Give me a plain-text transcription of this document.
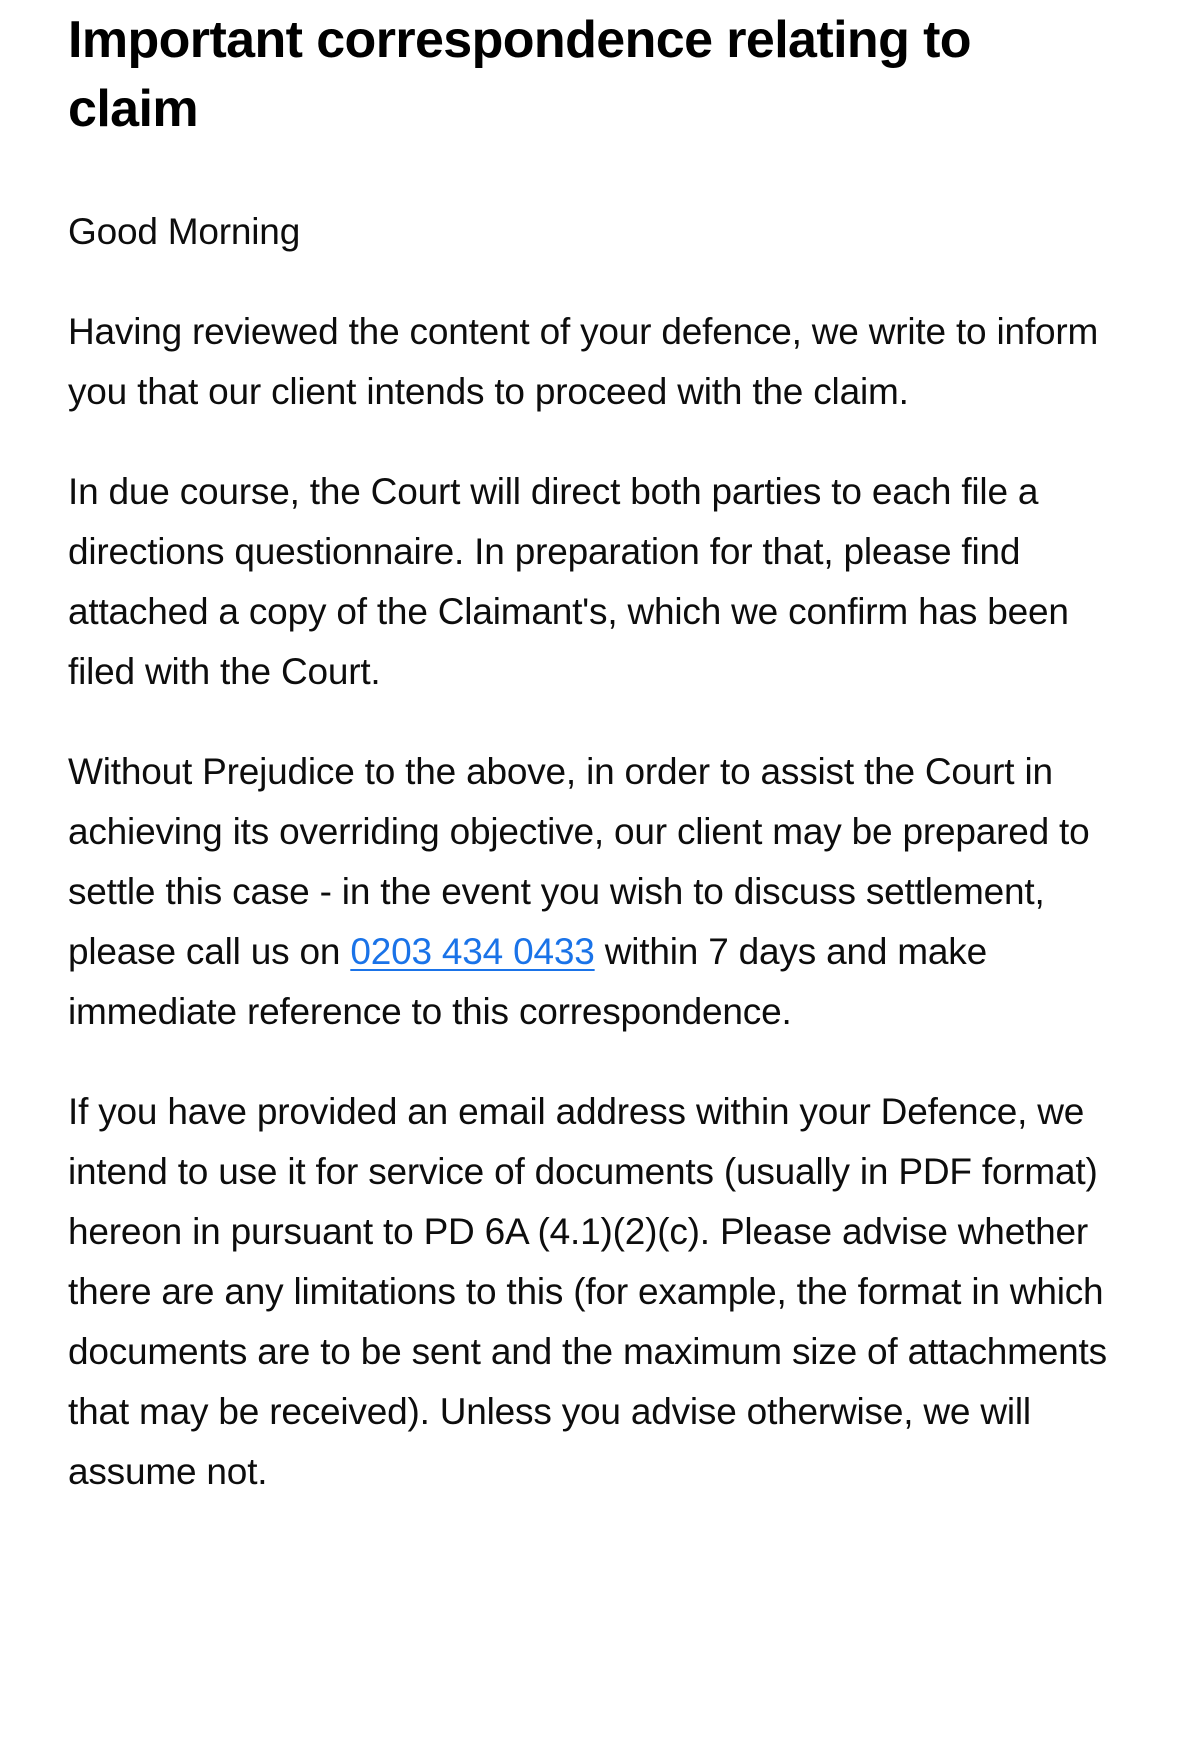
Important correspondence relating to claim

Good Morning

Having reviewed the content of your defence, we write to inform you that our client intends to proceed with the claim.

In due course, the Court will direct both parties to each file a directions questionnaire. In preparation for that, please find attached a copy of the Claimant's, which we confirm has been filed with the Court.

Without Prejudice to the above, in order to assist the Court in achieving its overriding objective, our client may be prepared to settle this case - in the event you wish to discuss settlement, please call us on 0203 434 0433 within 7 days and make immediate reference to this correspondence.

If you have provided an email address within your Defence, we intend to use it for service of documents (usually in PDF format) hereon in pursuant to PD 6A (4.1)(2)(c). Please advise whether there are any limitations to this (for example, the format in which documents are to be sent and the maximum size of attachments that may be received). Unless you advise otherwise, we will assume not.
